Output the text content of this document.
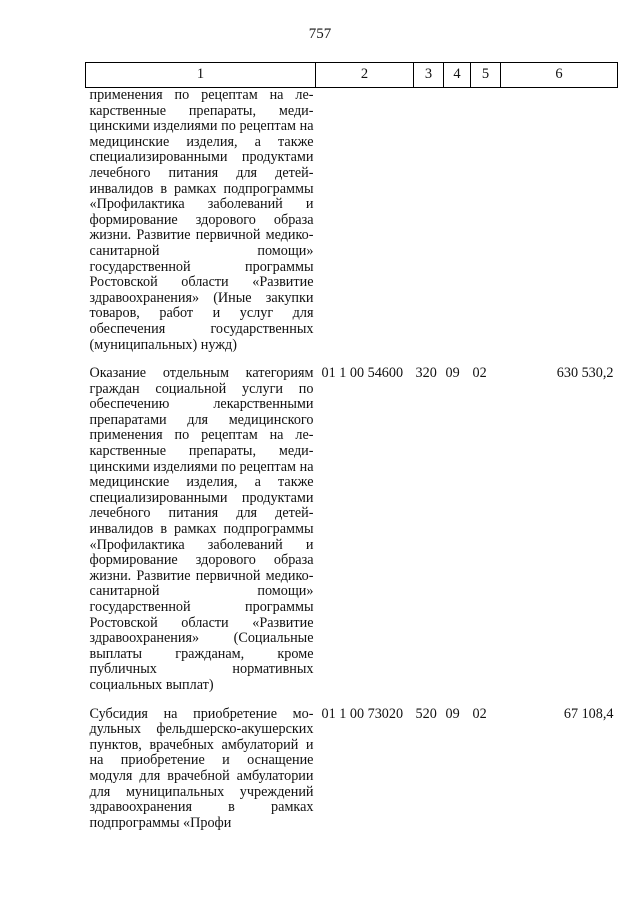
757
1	2	3	4	5	6
применения по рецептам на лекарственные препараты, медицинскими изделиями по рецептам на медицинские изделия, а также специализированными продуктами лечебного питания для детей-инвалидов в рамках подпрограммы «Профилактика заболеваний и формирование здорового образа жизни. Развитие первичной медико-санитарной помощи» государственной программы Ростовской области «Развитие здравоохранения» (Иные закупки товаров, работ и услуг для обеспечения государственных (муниципальных) нужд)					
Оказание отдельным категориям граждан социальной услуги по обеспечению лекарственными препаратами для медицинского применения по рецептам на лекарственные препараты, медицинскими изделиями по рецептам на медицинские изделия, а также специализированными продуктами лечебного питания для детей-инвалидов в рамках подпрограммы «Профилактика заболеваний и формирование здорового образа жизни. Развитие первичной медико-санитарной помощи» государственной программы Ростовской области «Развитие здравоохранения» (Социальные выплаты гражданам, кроме публичных нормативных социальных выплат)	01 1 00 54600	320	09	02	630 530,2
Субсидия на приобретение модульных фельдшерско-акушерских пунктов, врачебных амбулаторий и на приобретение и оснащение модуля для врачебной амбулатории для муниципальных учреждений здравоохранения в рамках подпрограммы «Профи	01 1 00 73020	520	09	02	67 108,4
